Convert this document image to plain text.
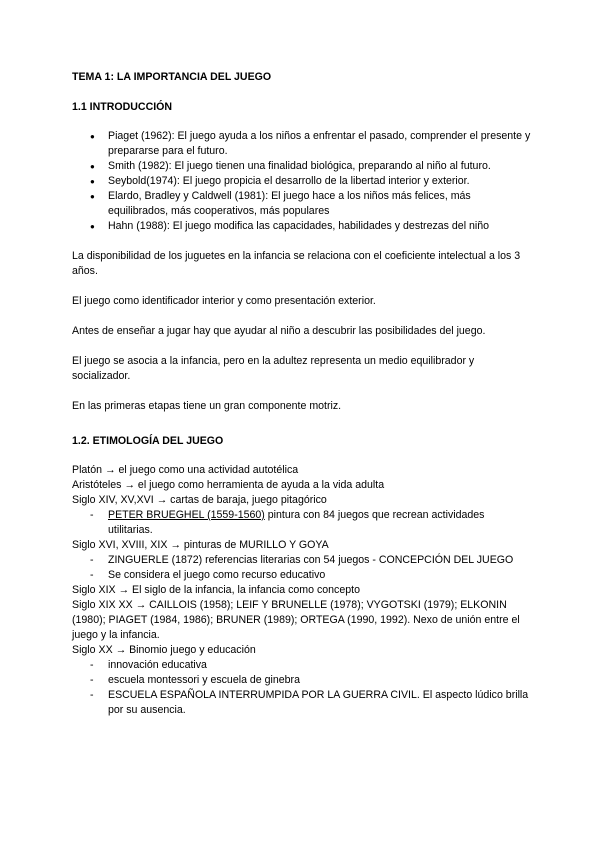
TEMA 1: LA IMPORTANCIA DEL JUEGO
1.1 INTRODUCCIÓN
● Piaget (1962): El juego ayuda a los niños a enfrentar el pasado, comprender el presente y prepararse para el futuro.
● Smith (1982): El juego tienen una finalidad biológica, preparando al niño al futuro.
● Seybold(1974): El juego propicia el desarrollo de la libertad interior y exterior.
● Elardo, Bradley y Caldwell (1981): El juego hace a los niños más felices, más equilibrados, más cooperativos, más populares
● Hahn (1988): El juego modifica las capacidades, habilidades y destrezas del niño

La disponibilidad de los juguetes en la infancia se relaciona con el coeficiente intelectual a los 3 años.

El juego como identificador interior y como presentación exterior.

Antes de enseñar a jugar hay que ayudar al niño a descubrir las posibilidades del juego.

El juego se asocia a la infancia, pero en la adultez representa un medio equilibrador y socializador.

En las primeras etapas tiene un gran componente motriz.

1.2. ETIMOLOGÍA DEL JUEGO
Platón → el juego como una actividad autotélica
Aristóteles → el juego como herramienta de ayuda a la vida adulta
Siglo XIV, XV,XVI → cartas de baraja, juego pitagórico
- PETER BRUEGHEL (1559-1560) pintura con 84 juegos que recrean actividades utilitarias.
Siglo XVI, XVIII, XIX → pinturas de MURILLO Y GOYA
- ZINGUERLE (1872) referencias literarias con 54 juegos - CONCEPCIÓN DEL JUEGO
- Se considera el juego como recurso educativo
Siglo XIX → El siglo de la infancia, la infancia como concepto
Siglo XIX XX → CAILLOIS (1958); LEIF Y BRUNELLE (1978); VYGOTSKI (1979); ELKONIN (1980); PIAGET (1984, 1986); BRUNER (1989); ORTEGA (1990, 1992). Nexo de unión entre el juego y la infancia.
Siglo XX → Binomio juego y educación
- innovación educativa
- escuela montessori y escuela de ginebra
- ESCUELA ESPAÑOLA INTERRUMPIDA POR LA GUERRA CIVIL. El aspecto lúdico brilla por su ausencia.
